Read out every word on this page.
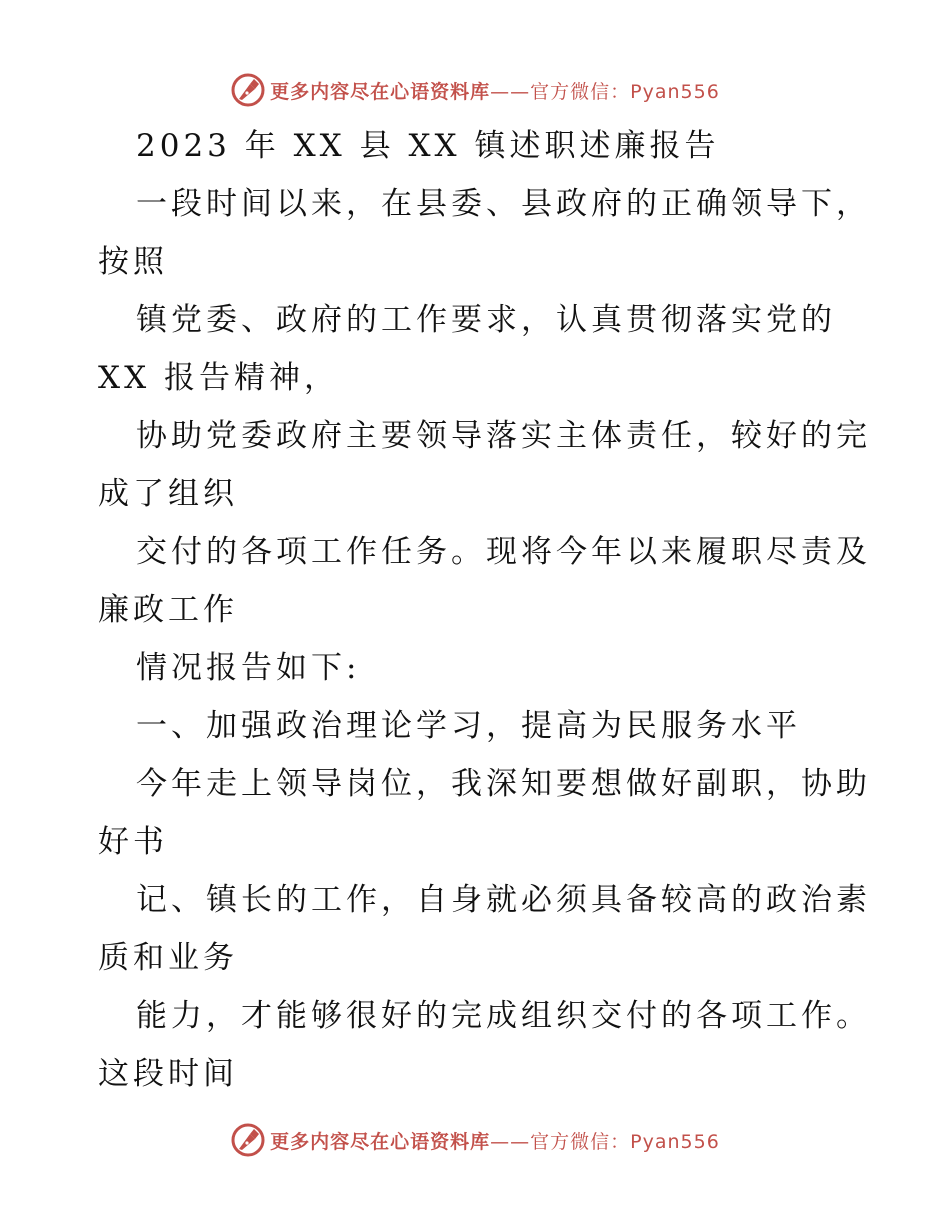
更多内容尽在心语资料库——官方微信：Pyan556
2023 年 XX 县 XX 镇述职述廉报告
一段时间以来，在县委、县政府的正确领导下，
按照
镇党委、政府的工作要求，认真贯彻落实党的
XX 报告精神，
协助党委政府主要领导落实主体责任，较好的完
成了组织
交付的各项工作任务。现将今年以来履职尽责及
廉政工作
情况报告如下:
一、加强政治理论学习，提高为民服务水平
今年走上领导岗位，我深知要想做好副职，协助
好书
记、镇长的工作，自身就必须具备较高的政治素
质和业务
能力，才能够很好的完成组织交付的各项工作。
这段时间
更多内容尽在心语资料库——官方微信：Pyan556
